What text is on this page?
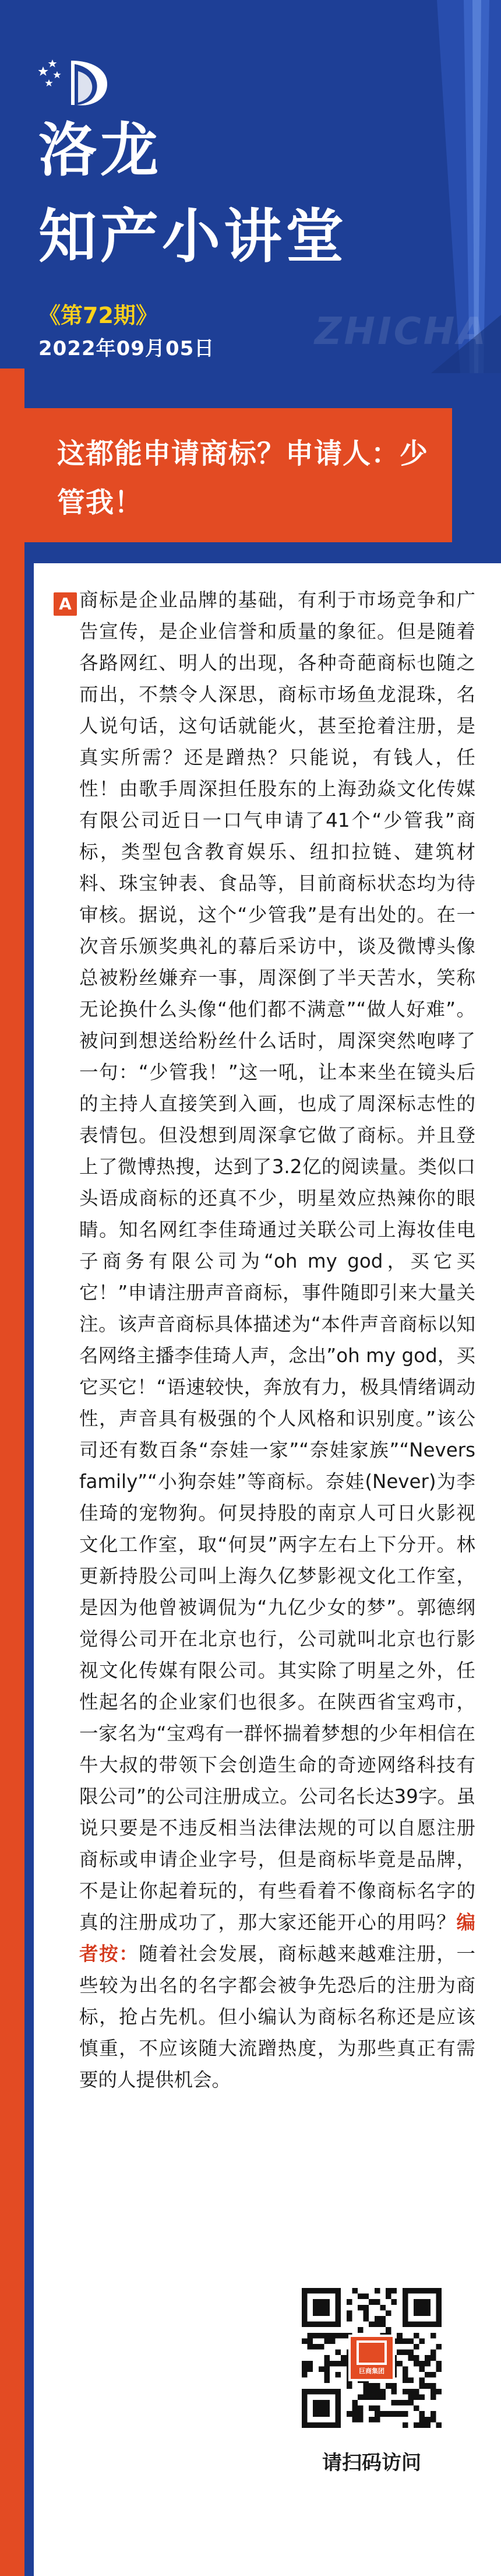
洛龙
知产小讲堂
《第72期》
2022年09月05日	ZHICHA

这都能申请商标？申请人：少管我！

A 商标是企业品牌的基础，有利于市场竞争和广告宣传，是企业信誉和质量的象征。但是随着各路网红、明人的出现，各种奇葩商标也随之而出，不禁令人深思，商标市场鱼龙混珠，名人说句话，这句话就能火，甚至抢着注册，是真实所需？还是蹭热？只能说，有钱人，任性！由歌手周深担任股东的上海劲焱文化传媒有限公司近日一口气申请了41个“少管我”商标，类型包含教育娱乐、纽扣拉链、建筑材料、珠宝钟表、食品等，目前商标状态均为待审核。据说，这个“少管我”是有出处的。在一次音乐颁奖典礼的幕后采访中，谈及微博头像总被粉丝嫌弃一事，周深倒了半天苦水，笑称无论换什么头像“他们都不满意”“做人好难”。被问到想送给粉丝什么话时，周深突然咆哮了一句：“少管我！”这一吼，让本来坐在镜头后的主持人直接笑到入画，也成了周深标志性的表情包。但没想到周深拿它做了商标。并且登上了微博热搜，达到了3.2亿的阅读量。类似口头语成商标的还真不少，明星效应热辣你的眼睛。知名网红李佳琦通过关联公司上海妆佳电子商务有限公司为“oh my god，买它买它！”申请注册声音商标，事件随即引来大量关注。该声音商标具体描述为“本件声音商标以知名网络主播李佳琦人声，念出”oh my god，买它买它！“语速较快，奔放有力，极具情绪调动性，声音具有极强的个人风格和识别度。”该公司还有数百条“奈娃一家”“奈娃家族”“Nevers family”“小狗奈娃”等商标。奈娃(Never)为李佳琦的宠物狗。何炅持股的南京人可日火影视文化工作室，取“何炅”两字左右上下分开。林更新持股公司叫上海久亿梦影视文化工作室，是因为他曾被调侃为“九亿少女的梦”。郭德纲觉得公司开在北京也行，公司就叫北京也行影视文化传媒有限公司。其实除了明星之外，任性起名的企业家们也很多。在陕西省宝鸡市，一家名为“宝鸡有一群怀揣着梦想的少年相信在牛大叔的带领下会创造生命的奇迹网络科技有限公司”的公司注册成立。公司名长达39字。虽说只要是不违反相当法律法规的可以自愿注册商标或申请企业字号，但是商标毕竟是品牌，不是让你起着玩的，有些看着不像商标名字的真的注册成功了，那大家还能开心的用吗？编者按：随着社会发展，商标越来越难注册，一些较为出名的名字都会被争先恐后的注册为商标，抢占先机。但小编认为商标名称还是应该慎重，不应该随大流蹭热度，为那些真正有需要的人提供机会。

巨商集团
请扫码访问
